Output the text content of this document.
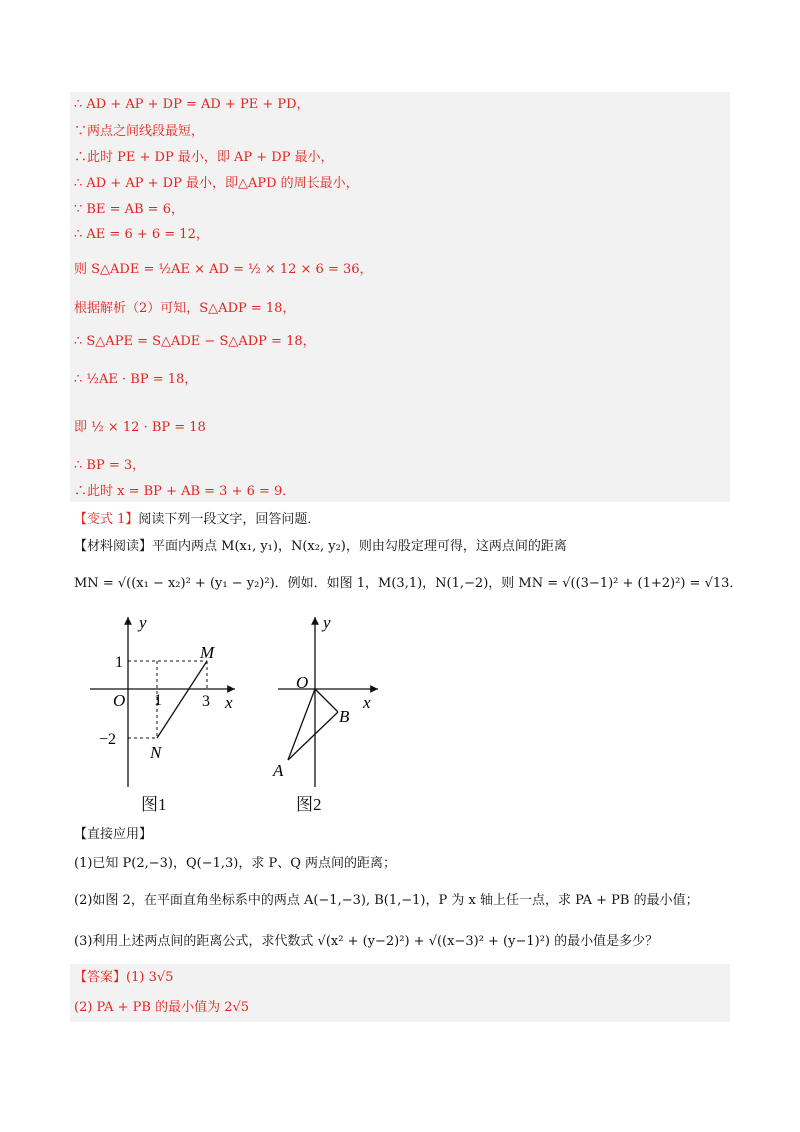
∴ AD + AP + DP = AD + PE + PD，
∵两点之间线段最短，
∴此时 PE + DP 最小，即 AP + DP 最小，
∴ AD + AP + DP 最小，即△APD 的周长最小，
∵ BE = AB = 6，
∴ AE = 6 + 6 = 12，
则 S△ADE = ½AE × AD = ½ × 12 × 6 = 36，
根据解析（2）可知，S△ADP = 18，
∴ S△APE = S△ADE − S△ADP = 18，
∴ ½AE · BP = 18，
即 ½ × 12 · BP = 18
∴ BP = 3，
∴此时 x = BP + AB = 3 + 6 = 9．
【变式 1】阅读下列一段文字，回答问题．
【材料阅读】平面内两点 M(x₁, y₁)，N(x₂, y₂)，则由勾股定理可得，这两点间的距离
MN = √((x₁ − x₂)² + (y₁ − y₂)²)．例如．如图 1，M(3,1)，N(1,−2)，则 MN = √((3−1)² + (1+2)²) = √13．
y
x
O
M
N
1
1	3
−2
图1
y
x
O
B
A
图2
【直接应用】
(1)已知 P(2,−3)，Q(−1,3)，求 P、Q 两点间的距离；
(2)如图 2，在平面直角坐标系中的两点 A(−1,−3), B(1,−1)，P 为 x 轴上任一点，求 PA + PB 的最小值；
(3)利用上述两点间的距离公式，求代数式 √(x² + (y−2)²) + √((x−3)² + (y−1)²) 的最小值是多少？
【答案】(1) 3√5
(2) PA + PB 的最小值为 2√5
